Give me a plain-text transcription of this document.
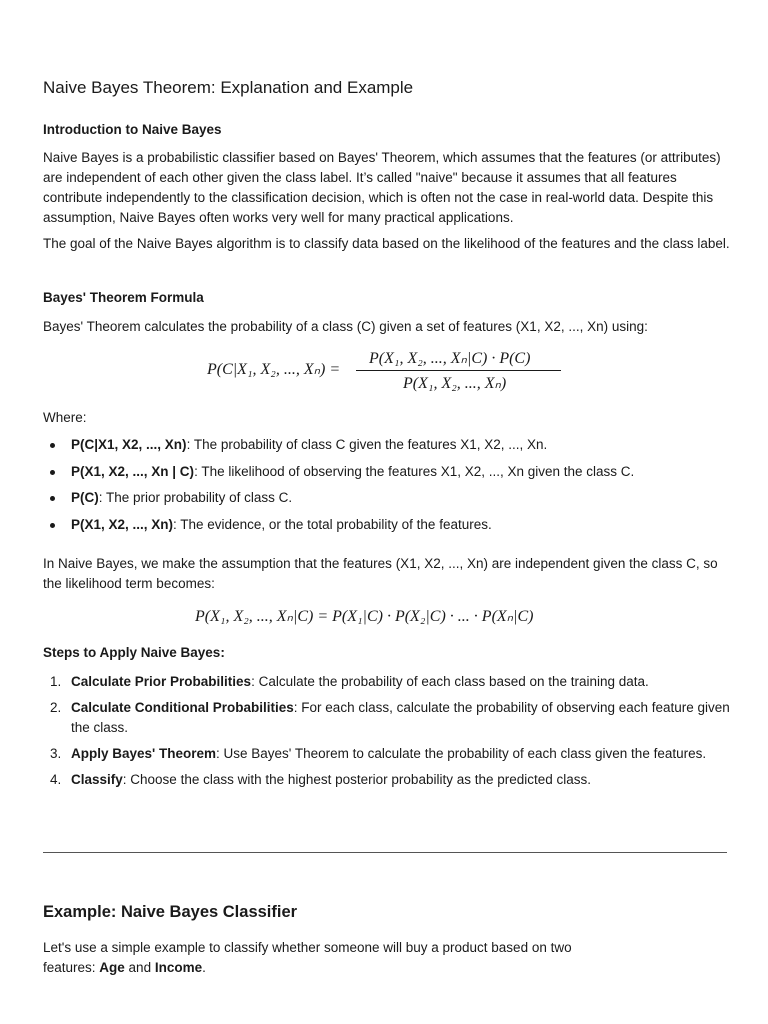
Naive Bayes Theorem: Explanation and Example
Introduction to Naive Bayes

Naive Bayes is a probabilistic classifier based on Bayes' Theorem, which assumes that the features (or attributes) are independent of each other given the class label. It’s called "naive" because it assumes that all features contribute independently to the classification decision, which is often not the case in real-world data. Despite this assumption, Naive Bayes often works very well for many practical applications.

The goal of the Naive Bayes algorithm is to classify data based on the likelihood of the features and the class label.

Bayes' Theorem Formula

Bayes' Theorem calculates the probability of a class (C) given a set of features (X1, X2, ..., Xn) using:

P(C|X₁, X₂, ..., Xₙ) =
P(X₁, X₂, ..., Xₙ|C) · P(C)
P(X₁, X₂, ..., Xₙ)

Where:

P(C|X1, X2, ..., Xn): The probability of class C given the features X1, X2, ..., Xn.
P(X1, X2, ..., Xn | C): The likelihood of observing the features X1, X2, ..., Xn given the class C.
P(C): The prior probability of class C.
P(X1, X2, ..., Xn): The evidence, or the total probability of the features.

In Naive Bayes, we make the assumption that the features (X1, X2, ..., Xn) are independent given the class C, so the likelihood term becomes:

P(X₁, X₂, ..., Xₙ|C) = P(X₁|C) · P(X₂|C) · ... · P(Xₙ|C)
Steps to Apply Naive Bayes:
1. Calculate Prior Probabilities: Calculate the probability of each class based on the training data.
2. Calculate Conditional Probabilities: For each class, calculate the probability of observing each feature given the class.
3. Apply Bayes' Theorem: Use Bayes' Theorem to calculate the probability of each class given the features.
4. Classify: Choose the class with the highest posterior probability as the predicted class.
Example: Naive Bayes Classifier

Let's use a simple example to classify whether someone will buy a product based on two features: Age and Income.
